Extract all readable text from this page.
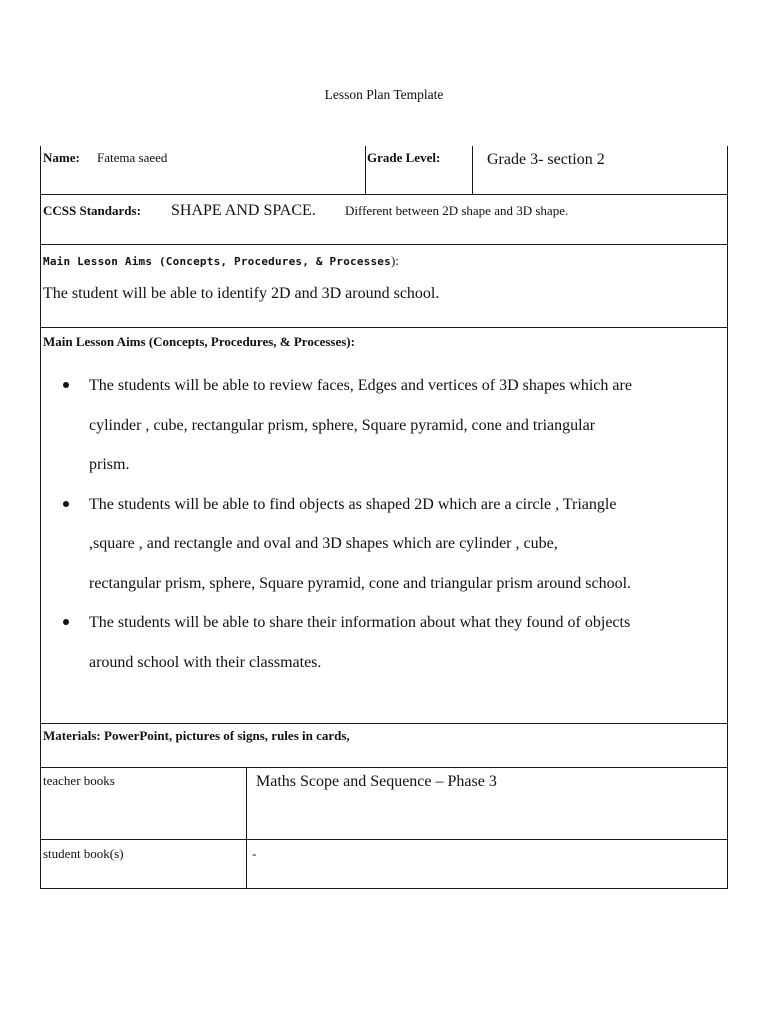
Lesson Plan Template
Name: Fatema saeed	Grade Level:	Grade 3- section 2
CCSS Standards: SHAPE AND SPACE. Different between 2D shape and 3D shape.
Main Lesson Aims (Concepts, Procedures, & Processes):
The student will be able to identify 2D and 3D around school.
Main Lesson Aims (Concepts, Procedures, & Processes):
The students will be able to review faces, Edges and vertices of 3D shapes which are
cylinder , cube, rectangular prism, sphere, Square pyramid, cone and triangular
prism.
The students will be able to find objects as shaped 2D which are a circle , Triangle
,square , and rectangle and oval and 3D shapes which are cylinder , cube,
rectangular prism, sphere, Square pyramid, cone and triangular prism around school.
The students will be able to share their information about what they found of objects
around school with their classmates.
Materials: PowerPoint, pictures of signs, rules in cards,
teacher books	Maths Scope and Sequence – Phase 3
student book(s)	-
